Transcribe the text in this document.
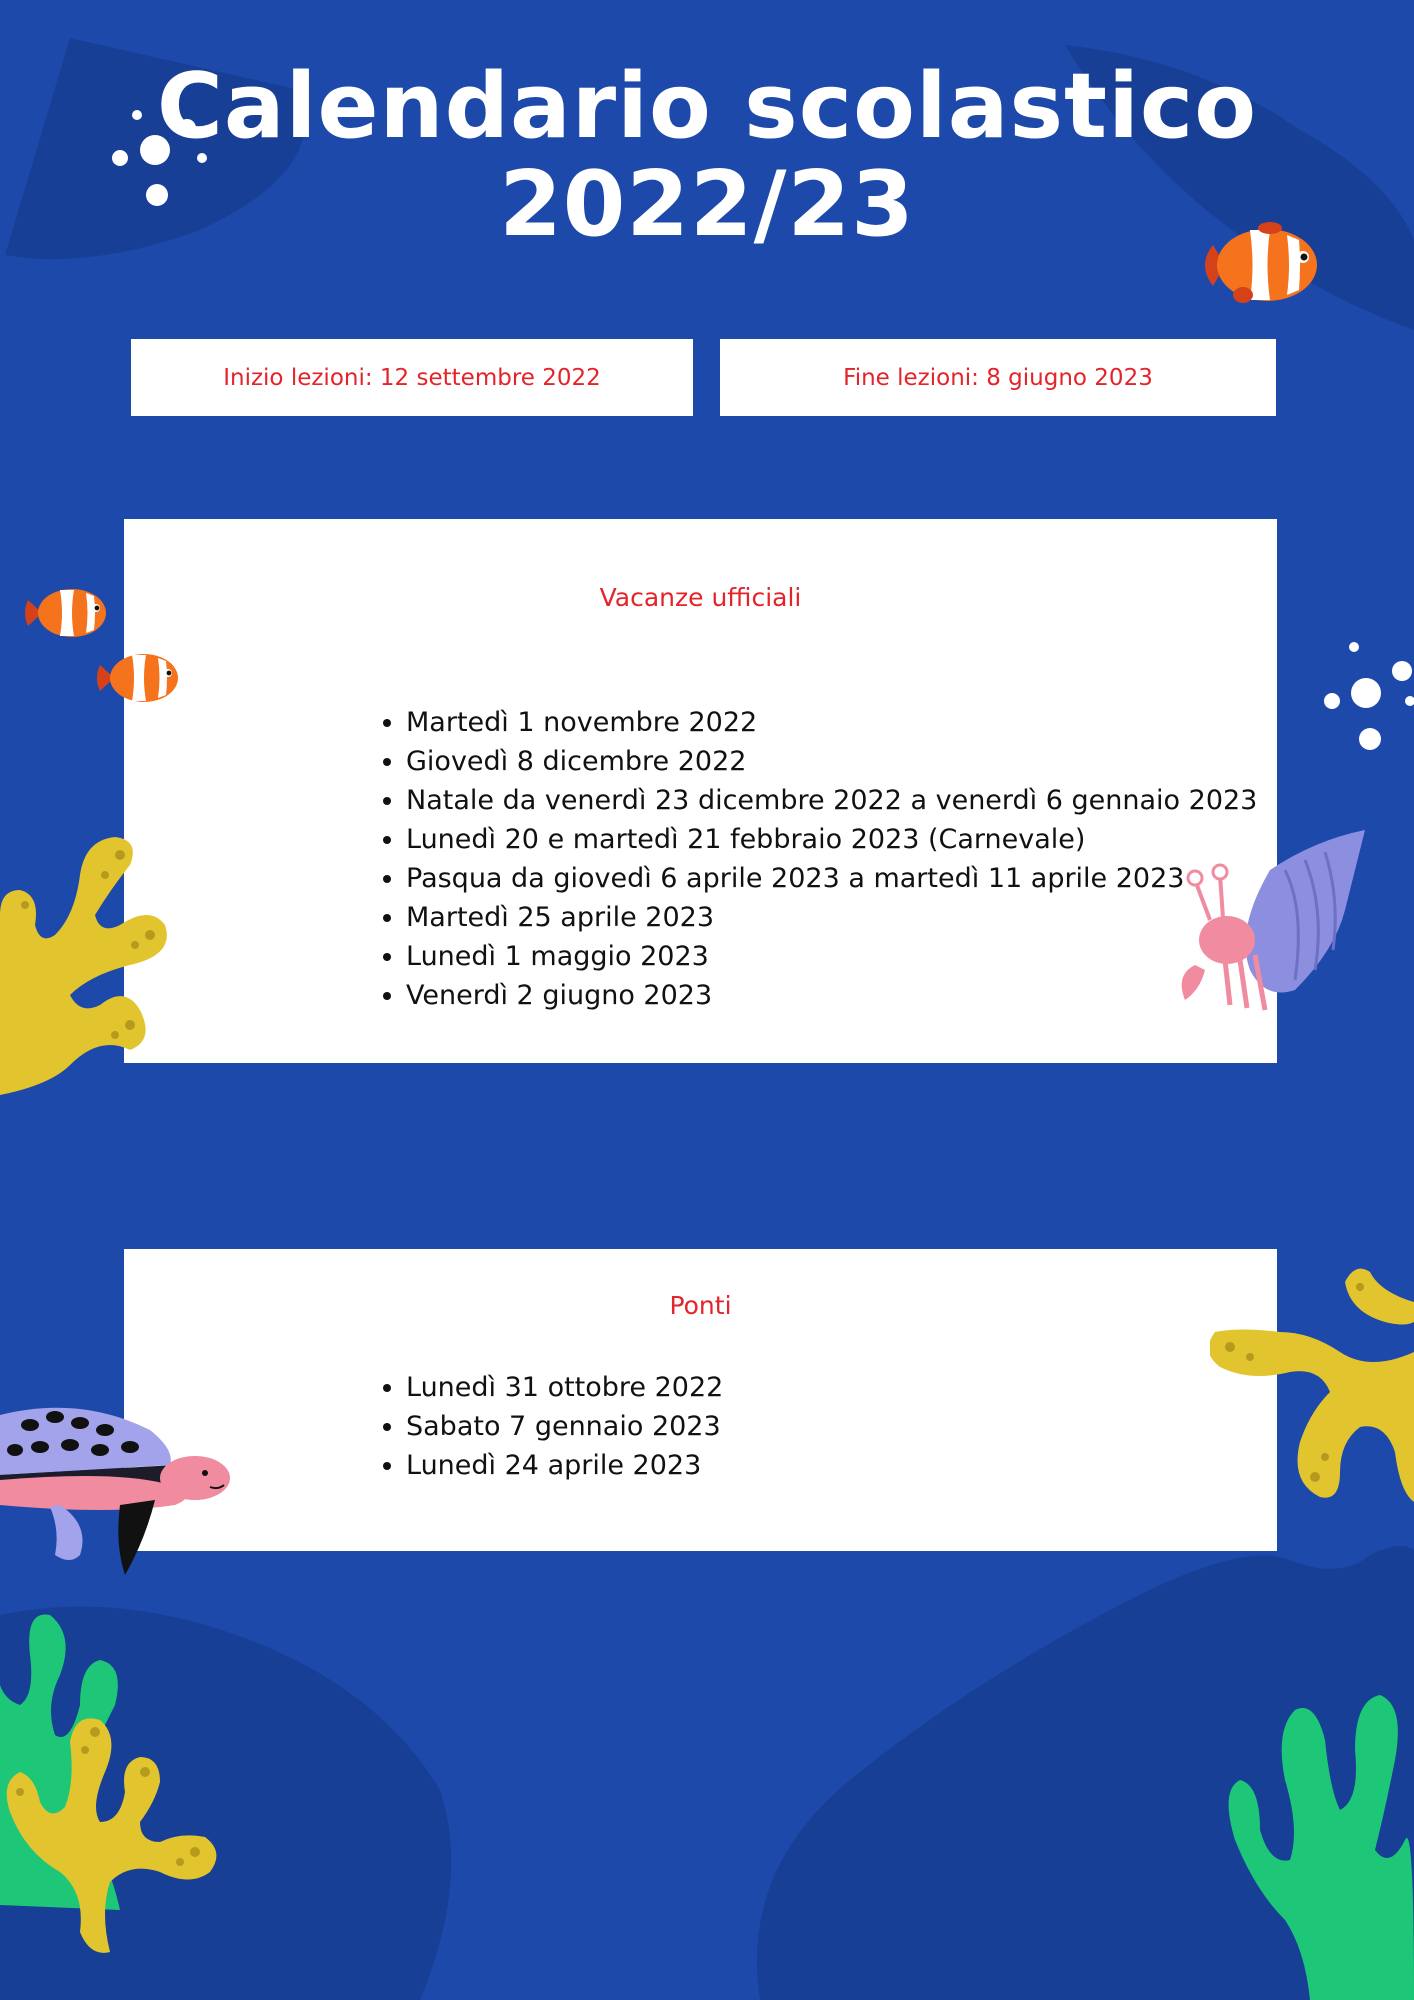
Calendario scolastico
2022/23
Inizio lezioni: 12 settembre 2022	Fine lezioni: 8 giugno 2023
Vacanze ufficiali
• Martedì 1 novembre 2022
• Giovedì 8 dicembre 2022
• Natale da venerdì 23 dicembre 2022 a venerdì 6 gennaio 2023
• Lunedì 20 e martedì 21 febbraio 2023 (Carnevale)
• Pasqua da giovedì 6 aprile 2023 a martedì 11 aprile 2023
• Martedì 25 aprile 2023
• Lunedì 1 maggio 2023
• Venerdì 2 giugno 2023
Ponti
• Lunedì 31 ottobre 2022
• Sabato 7 gennaio 2023
• Lunedì 24 aprile 2023
